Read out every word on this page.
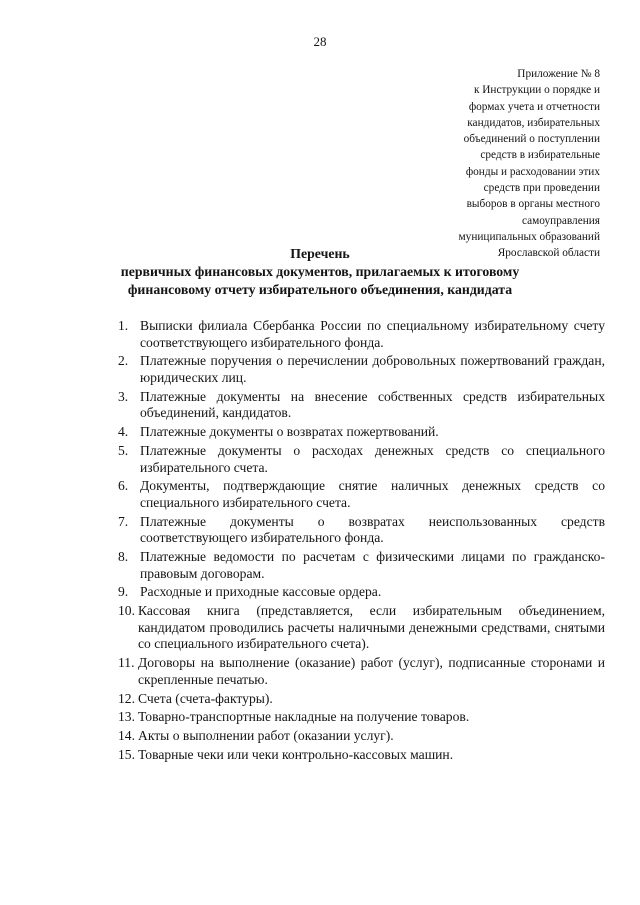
28
Приложение № 8
к Инструкции о порядке и
формах учета и отчетности
кандидатов, избирательных
объединений о поступлении
средств в избирательные
фонды и расходовании этих
средств при проведении
выборов в органы местного
самоуправления
муниципальных образований
Ярославской области
Перечень
первичных финансовых документов, прилагаемых к итоговому
финансовому отчету избирательного объединения, кандидата
1. Выписки филиала Сбербанка России по специальному избирательному счету соответствующего избирательного фонда.
2. Платежные поручения о перечислении добровольных пожертвований граждан, юридических лиц.
3. Платежные документы на внесение собственных средств избирательных объединений, кандидатов.
4. Платежные документы о возвратах пожертвований.
5. Платежные документы о расходах денежных средств со специального избирательного счета.
6. Документы, подтверждающие снятие наличных денежных средств со специального избирательного счета.
7. Платежные документы о возвратах неиспользованных средств соответствующего избирательного фонда.
8. Платежные ведомости по расчетам с физическими лицами по гражданско-правовым договорам.
9. Расходные и приходные кассовые ордера.
10. Кассовая книга (представляется, если избирательным объединением, кандидатом проводились расчеты наличными денежными средствами, снятыми со специального избирательного счета).
11. Договоры на выполнение (оказание) работ (услуг), подписанные сторонами и скрепленные печатью.
12. Счета (счета-фактуры).
13. Товарно-транспортные накладные на получение товаров.
14. Акты о выполнении работ (оказании услуг).
15. Товарные чеки или чеки контрольно-кассовых машин.
